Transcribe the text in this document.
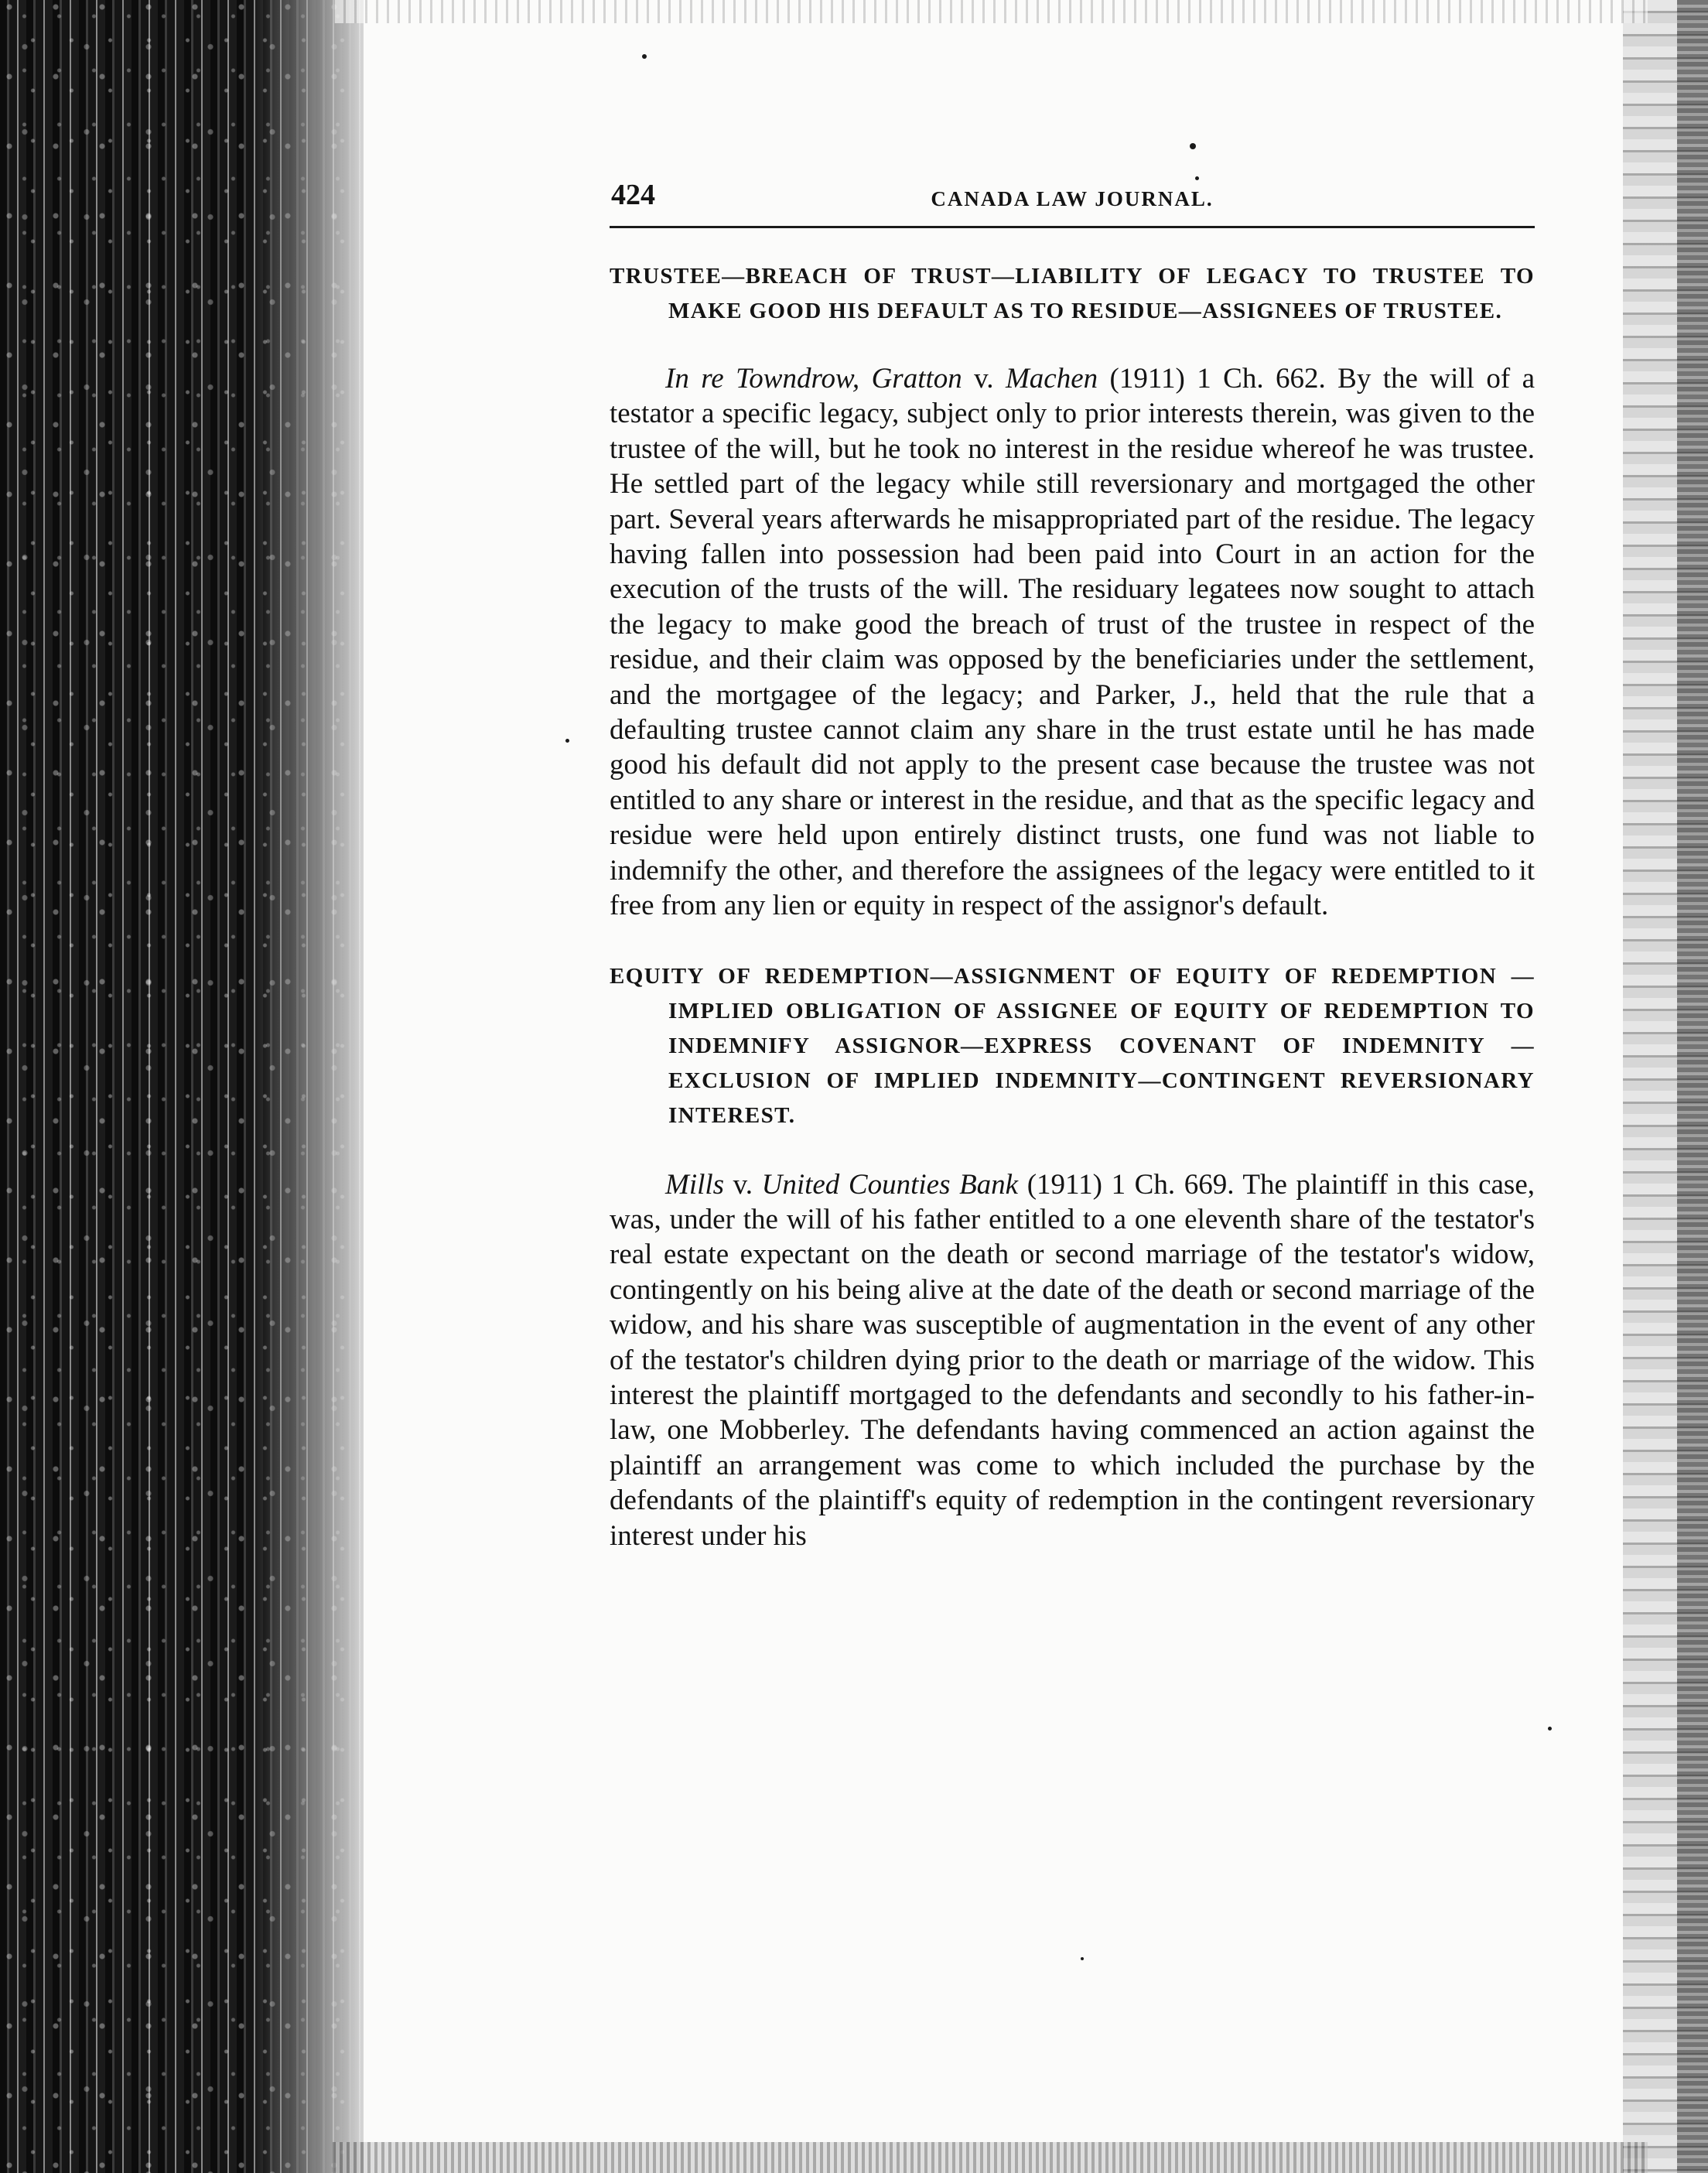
424	CANADA LAW JOURNAL.

TRUSTEE—BREACH OF TRUST—LIABILITY OF LEGACY TO TRUSTEE TO MAKE GOOD HIS DEFAULT AS TO RESIDUE—ASSIGNEES OF TRUSTEE.

In re Towndrow, Gratton v. Machen (1911) 1 Ch. 662. By the will of a testator a specific legacy, subject only to prior interests therein, was given to the trustee of the will, but he took no interest in the residue whereof he was trustee. He settled part of the legacy while still reversionary and mortgaged the other part. Several years afterwards he misappropriated part of the residue. The legacy having fallen into possession had been paid into Court in an action for the execution of the trusts of the will. The residuary legatees now sought to attach the legacy to make good the breach of trust of the trustee in respect of the residue, and their claim was opposed by the beneficiaries under the settlement, and the mortgagee of the legacy; and Parker, J., held that the rule that a defaulting trustee cannot claim any share in the trust estate until he has made good his default did not apply to the present case because the trustee was not entitled to any share or interest in the residue, and that as the specific legacy and residue were held upon entirely distinct trusts, one fund was not liable to indemnify the other, and therefore the assignees of the legacy were entitled to it free from any lien or equity in respect of the assignor's default.

EQUITY OF REDEMPTION—ASSIGNMENT OF EQUITY OF REDEMPTION —IMPLIED OBLIGATION OF ASSIGNEE OF EQUITY OF REDEMPTION TO INDEMNIFY ASSIGNOR—EXPRESS COVENANT OF INDEMNITY —EXCLUSION OF IMPLIED INDEMNITY—CONTINGENT REVERSIONARY INTEREST.

Mills v. United Counties Bank (1911) 1 Ch. 669. The plaintiff in this case, was, under the will of his father entitled to a one eleventh share of the testator's real estate expectant on the death or second marriage of the testator's widow, contingently on his being alive at the date of the death or second marriage of the widow, and his share was susceptible of augmentation in the event of any other of the testator's children dying prior to the death or marriage of the widow. This interest the plaintiff mortgaged to the defendants and secondly to his father-in-law, one Mobberley. The defendants having commenced an action against the plaintiff an arrangement was come to which included the purchase by the defendants of the plaintiff's equity of redemption in the contingent reversionary interest under his
